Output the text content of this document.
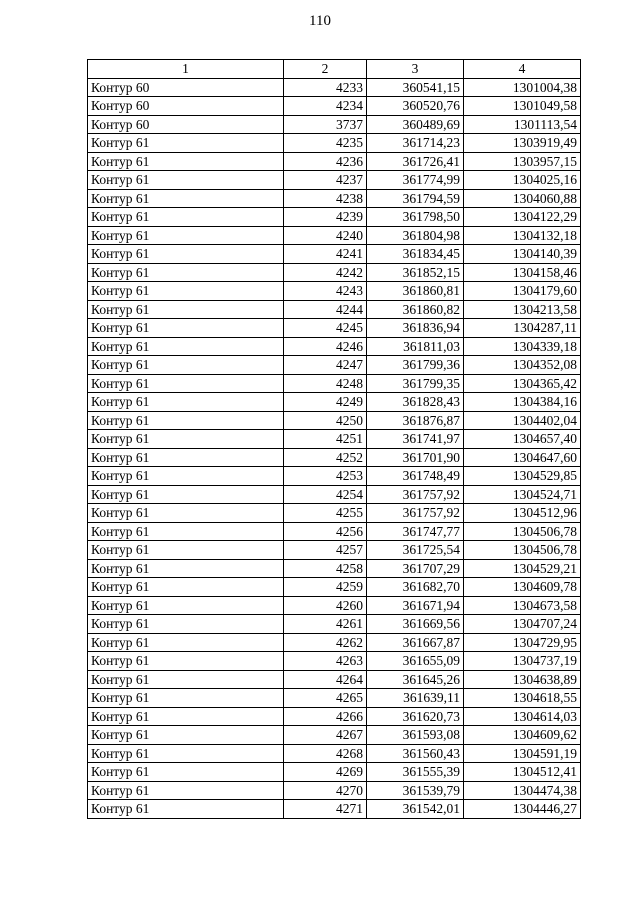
110
1	2	3	4
Контур 60	4233	360541,15	1301004,38
Контур 60	4234	360520,76	1301049,58
Контур 60	3737	360489,69	1301113,54
Контур 61	4235	361714,23	1303919,49
Контур 61	4236	361726,41	1303957,15
Контур 61	4237	361774,99	1304025,16
Контур 61	4238	361794,59	1304060,88
Контур 61	4239	361798,50	1304122,29
Контур 61	4240	361804,98	1304132,18
Контур 61	4241	361834,45	1304140,39
Контур 61	4242	361852,15	1304158,46
Контур 61	4243	361860,81	1304179,60
Контур 61	4244	361860,82	1304213,58
Контур 61	4245	361836,94	1304287,11
Контур 61	4246	361811,03	1304339,18
Контур 61	4247	361799,36	1304352,08
Контур 61	4248	361799,35	1304365,42
Контур 61	4249	361828,43	1304384,16
Контур 61	4250	361876,87	1304402,04
Контур 61	4251	361741,97	1304657,40
Контур 61	4252	361701,90	1304647,60
Контур 61	4253	361748,49	1304529,85
Контур 61	4254	361757,92	1304524,71
Контур 61	4255	361757,92	1304512,96
Контур 61	4256	361747,77	1304506,78
Контур 61	4257	361725,54	1304506,78
Контур 61	4258	361707,29	1304529,21
Контур 61	4259	361682,70	1304609,78
Контур 61	4260	361671,94	1304673,58
Контур 61	4261	361669,56	1304707,24
Контур 61	4262	361667,87	1304729,95
Контур 61	4263	361655,09	1304737,19
Контур 61	4264	361645,26	1304638,89
Контур 61	4265	361639,11	1304618,55
Контур 61	4266	361620,73	1304614,03
Контур 61	4267	361593,08	1304609,62
Контур 61	4268	361560,43	1304591,19
Контур 61	4269	361555,39	1304512,41
Контур 61	4270	361539,79	1304474,38
Контур 61	4271	361542,01	1304446,27
